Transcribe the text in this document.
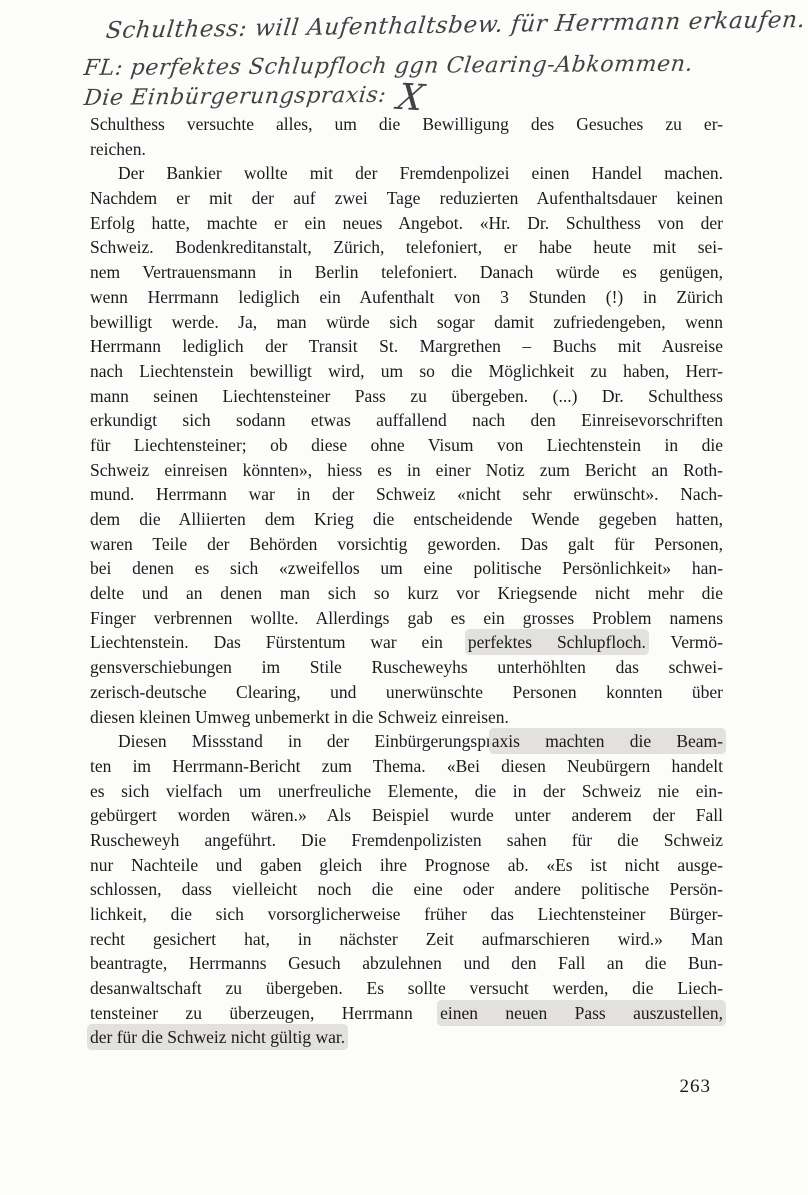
Schulthess: will Aufenthaltsbew. für Herrmann erkaufen.
FL: perfektes Schlupfloch ggn Clearing-Abkommen.
Die Einbürgerungspraxis: X
Schulthess versuchte alles, um die Bewilligung des Gesuches zu er-
reichen.
Der Bankier wollte mit der Fremdenpolizei einen Handel machen.
Nachdem er mit der auf zwei Tage reduzierten Aufenthaltsdauer keinen
Erfolg hatte, machte er ein neues Angebot. «Hr. Dr. Schulthess von der
Schweiz. Bodenkreditanstalt, Zürich, telefoniert, er habe heute mit sei-
nem Vertrauensmann in Berlin telefoniert. Danach würde es genügen,
wenn Herrmann lediglich ein Aufenthalt von 3 Stunden (!) in Zürich
bewilligt werde. Ja, man würde sich sogar damit zufriedengeben, wenn
Herrmann lediglich der Transit St. Margrethen – Buchs mit Ausreise
nach Liechtenstein bewilligt wird, um so die Möglichkeit zu haben, Herr-
mann seinen Liechtensteiner Pass zu übergeben. (...) Dr. Schulthess
erkundigt sich sodann etwas auffallend nach den Einreisevorschriften
für Liechtensteiner; ob diese ohne Visum von Liechtenstein in die
Schweiz einreisen könnten», hiess es in einer Notiz zum Bericht an Roth-
mund. Herrmann war in der Schweiz «nicht sehr erwünscht». Nach-
dem die Alliierten dem Krieg die entscheidende Wende gegeben hatten,
waren Teile der Behörden vorsichtig geworden. Das galt für Personen,
bei denen es sich «zweifellos um eine politische Persönlichkeit» han-
delte und an denen man sich so kurz vor Kriegsende nicht mehr die
Finger verbrennen wollte. Allerdings gab es ein grosses Problem namens
Liechtenstein. Das Fürstentum war ein perfektes Schlupfloch. Vermö-
gensverschiebungen im Stile Ruscheweyhs unterhöhlten das schwei-
zerisch-deutsche Clearing, und unerwünschte Personen konnten über
diesen kleinen Umweg unbemerkt in die Schweiz einreisen.
Diesen Missstand in der Einbürgerungspraxis machten die Beam-
ten im Herrmann-Bericht zum Thema. «Bei diesen Neubürgern handelt
es sich vielfach um unerfreuliche Elemente, die in der Schweiz nie ein-
gebürgert worden wären.» Als Beispiel wurde unter anderem der Fall
Ruscheweyh angeführt. Die Fremdenpolizisten sahen für die Schweiz
nur Nachteile und gaben gleich ihre Prognose ab. «Es ist nicht ausge-
schlossen, dass vielleicht noch die eine oder andere politische Persön-
lichkeit, die sich vorsorglicherweise früher das Liechtensteiner Bürger-
recht gesichert hat, in nächster Zeit aufmarschieren wird.» Man
beantragte, Herrmanns Gesuch abzulehnen und den Fall an die Bun-
desanwaltschaft zu übergeben. Es sollte versucht werden, die Liech-
tensteiner zu überzeugen, Herrmann einen neuen Pass auszustellen,
der für die Schweiz nicht gültig war.
263
